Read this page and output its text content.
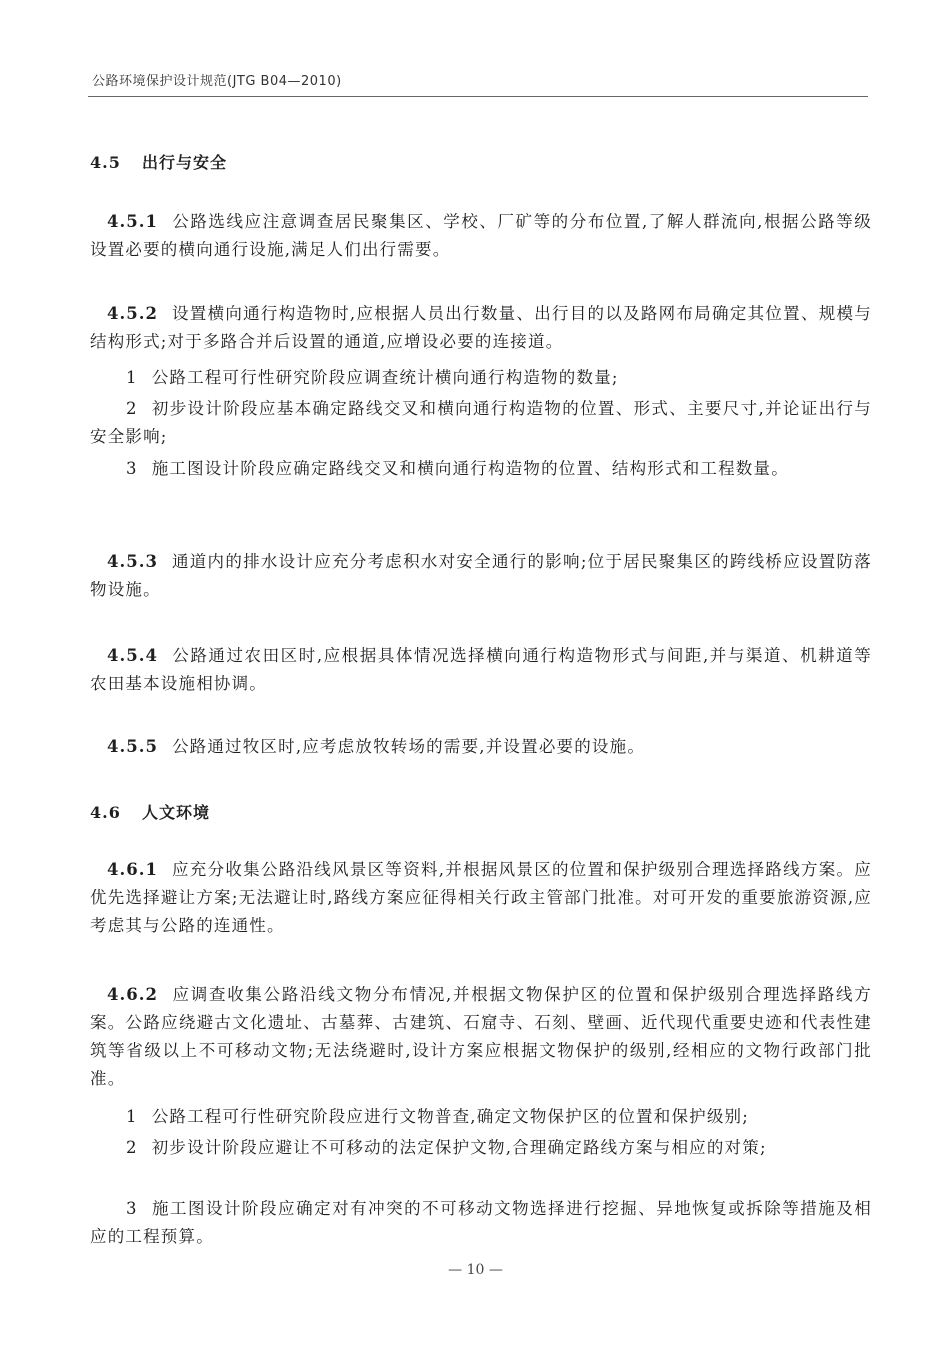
公路环境保护设计规范(JTG B04—2010)
4.5 出行与安全
4.5.1 公路选线应注意调查居民聚集区、学校、厂矿等的分布位置,了解人群流向,根据公路等级设置必要的横向通行设施,满足人们出行需要。
4.5.2 设置横向通行构造物时,应根据人员出行数量、出行目的以及路网布局确定其位置、规模与结构形式;对于多路合并后设置的通道,应增设必要的连接道。
1 公路工程可行性研究阶段应调查统计横向通行构造物的数量;
2 初步设计阶段应基本确定路线交叉和横向通行构造物的位置、形式、主要尺寸,并论证出行与安全影响;
3 施工图设计阶段应确定路线交叉和横向通行构造物的位置、结构形式和工程数量。
4.5.3 通道内的排水设计应充分考虑积水对安全通行的影响;位于居民聚集区的跨线桥应设置防落物设施。
4.5.4 公路通过农田区时,应根据具体情况选择横向通行构造物形式与间距,并与渠道、机耕道等农田基本设施相协调。
4.5.5 公路通过牧区时,应考虑放牧转场的需要,并设置必要的设施。
4.6 人文环境
4.6.1 应充分收集公路沿线风景区等资料,并根据风景区的位置和保护级别合理选择路线方案。应优先选择避让方案;无法避让时,路线方案应征得相关行政主管部门批准。对可开发的重要旅游资源,应考虑其与公路的连通性。
4.6.2 应调查收集公路沿线文物分布情况,并根据文物保护区的位置和保护级别合理选择路线方案。公路应绕避古文化遗址、古墓葬、古建筑、石窟寺、石刻、壁画、近代现代重要史迹和代表性建筑等省级以上不可移动文物;无法绕避时,设计方案应根据文物保护的级别,经相应的文物行政部门批准。
1 公路工程可行性研究阶段应进行文物普查,确定文物保护区的位置和保护级别;
2 初步设计阶段应避让不可移动的法定保护文物,合理确定路线方案与相应的对策;
3 施工图设计阶段应确定对有冲突的不可移动文物选择进行挖掘、异地恢复或拆除等措施及相应的工程预算。
— 10 —
